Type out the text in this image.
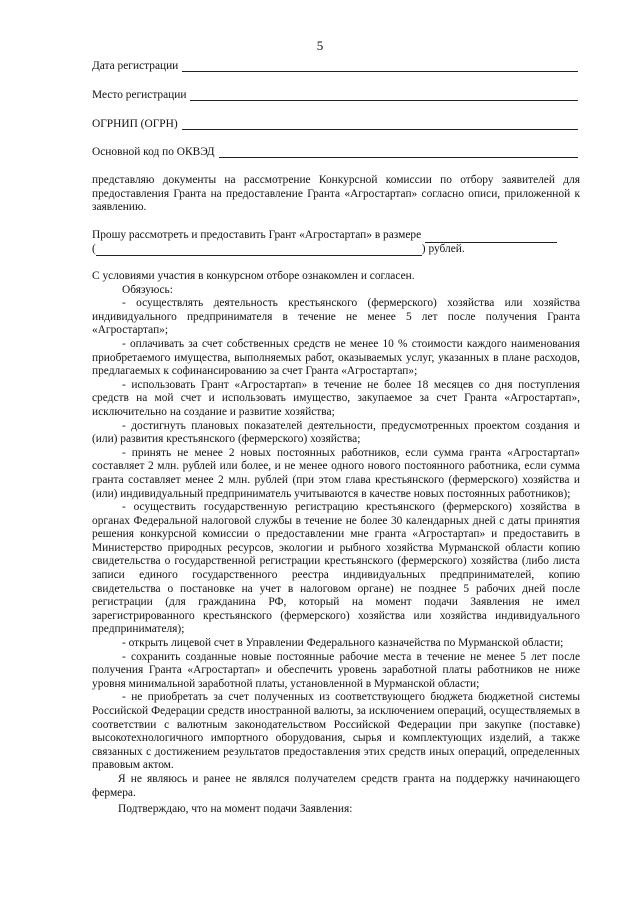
5
Дата регистрации
Место регистрации
ОГРНИП (ОГРН)
Основной код по ОКВЭД
представляю документы на рассмотрение Конкурсной комиссии по отбору заявителей для предоставления Гранта на предоставление Гранта «Агростартап» согласно описи, приложенной к заявлению.
Прошу рассмотреть и предоставить Грант «Агростартап» в размере
(	) рублей.
С условиями участия в конкурсном отборе ознакомлен и согласен.
Обязуюсь:
- осуществлять деятельность крестьянского (фермерского) хозяйства или хозяйства индивидуального предпринимателя в течение не менее 5 лет после получения Гранта «Агростартап»;
- оплачивать за счет собственных средств не менее 10 % стоимости каждого наименования приобретаемого имущества, выполняемых работ, оказываемых услуг, указанных в плане расходов, предлагаемых к софинансированию за счет Гранта «Агростартап»;
- использовать Грант «Агростартап» в течение не более 18 месяцев со дня поступления средств на мой счет и использовать имущество, закупаемое за счет Гранта «Агростартап», исключительно на создание и развитие хозяйства;
- достигнуть плановых показателей деятельности, предусмотренных проектом создания и (или) развития крестьянского (фермерского) хозяйства;
- принять не менее 2 новых постоянных работников, если сумма гранта «Агростартап» составляет 2 млн. рублей или более, и не менее одного нового постоянного работника, если сумма гранта составляет менее 2 млн. рублей (при этом глава крестьянского (фермерского) хозяйства и (или) индивидуальный предприниматель учитываются в качестве новых постоянных работников);
- осуществить государственную регистрацию крестьянского (фермерского) хозяйства в органах Федеральной налоговой службы в течение не более 30 календарных дней с даты принятия решения конкурсной комиссии о предоставлении мне гранта «Агростартап» и предоставить в Министерство природных ресурсов, экологии и рыбного хозяйства Мурманской области копию свидетельства о государственной регистрации крестьянского (фермерского) хозяйства (либо листа записи единого государственного реестра индивидуальных предпринимателей, копию свидетельства о постановке на учет в налоговом органе) не позднее 5 рабочих дней после регистрации (для гражданина РФ, который на момент подачи Заявления не имел зарегистрированного крестьянского (фермерского) хозяйства или хозяйства индивидуального предпринимателя);
- открыть лицевой счет в Управлении Федерального казначейства по Мурманской области;
- сохранить созданные новые постоянные рабочие места в течение не менее 5 лет после получения Гранта «Агростартап» и обеспечить уровень заработной платы работников не ниже уровня минимальной заработной платы, установленной в Мурманской области;
- не приобретать за счет полученных из соответствующего бюджета бюджетной системы Российской Федерации средств иностранной валюты, за исключением операций, осуществляемых в соответствии с валютным законодательством Российской Федерации при закупке (поставке) высокотехнологичного импортного оборудования, сырья и комплектующих изделий, а также связанных с достижением результатов предоставления этих средств иных операций, определенных правовым актом.
Я не являюсь и ранее не являлся получателем средств гранта на поддержку начинающего фермера.
Подтверждаю, что на момент подачи Заявления:
